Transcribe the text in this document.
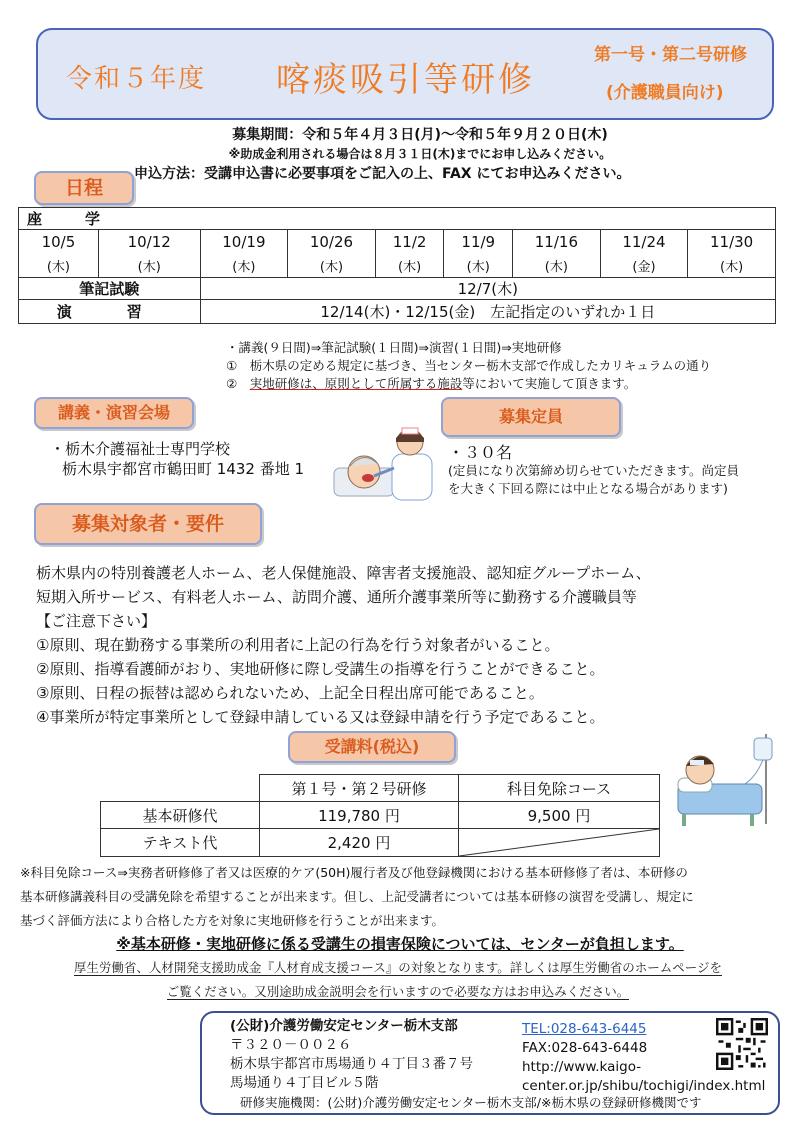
令和５年度 喀痰吸引等研修
第一号・第二号研修
(介護職員向け)
募集期間：令和５年４月３日(月)～令和５年９月２０日(木)
※助成金利用される場合は８月３１日(木)までにお申し込みください。
申込方法：受講申込書に必要事項をご記入の上、FAX にてお申込みください。
日程
座　学								
10/5	10/12	10/19	10/26	11/2	11/9	11/16	11/24	11/30
(木)	(木)	(木)	(木)	(木)	(木)	(木)	(金)	(木)
筆記試験		12/7(木)						
演　習		12/14(木)・12/15(金)　左記指定のいずれか１日						
・講義(９日間)⇒筆記試験(１日間)⇒演習(１日間)⇒実地研修
①　栃木県の定める規定に基づき、当センター栃木支部で作成したカリキュラムの通り
②　実地研修は、原則として所属する施設等において実施して頂きます。
講義・演習会場
・栃木介護福祉士専門学校
栃木県宇都宮市鶴田町 1432 番地 1
募集定員
・３０名
(定員になり次第締め切らせていただきます。尚定員
を大きく下回る際には中止となる場合があります)
募集対象者・要件
栃木県内の特別養護老人ホーム、老人保健施設、障害者支援施設、認知症グループホーム、
短期入所サービス、有料老人ホーム、訪問介護、通所介護事業所等に勤務する介護職員等
【ご注意下さい】
①原則、現在勤務する事業所の利用者に上記の行為を行う対象者がいること。
②原則、指導看護師がおり、実地研修に際し受講生の指導を行うことができること。
③原則、日程の振替は認められないため、上記全日程出席可能であること。
④事業所が特定事業所として登録申請している又は登録申請を行う予定であること。
受講料(税込)
	第１号・第２号研修	科目免除コース
基本研修代	119,780 円	9,500 円
テキスト代	2,420 円	
※科目免除コース⇒実務者研修修了者又は医療的ケア(50H)履行者及び他登録機関における基本研修修了者は、本研修の
基本研修講義科目の受講免除を希望することが出来ます。但し、上記受講者については基本研修の演習を受講し、規定に
基づく評価方法により合格した方を対象に実地研修を行うことが出来ます。
※基本研修・実地研修に係る受講生の損害保険については、センターが負担します。
厚生労働省、人材開発支援助成金『人材育成支援コース』の対象となります。詳しくは厚生労働省のホームページを
ご覧ください。又別途助成金説明会を行いますので必要な方はお申込みください。
(公財)介護労働安定センター栃木支部
〒３２０－００２６
栃木県宇都宮市馬場通り４丁目３番７号
馬場通り４丁目ビル５階
TEL:028-643-6445
FAX:028-643-6448
http://www.kaigo-
center.or.jp/shibu/tochigi/index.html
研修実施機関：(公財)介護労働安定センター栃木支部/※栃木県の登録研修機関です
